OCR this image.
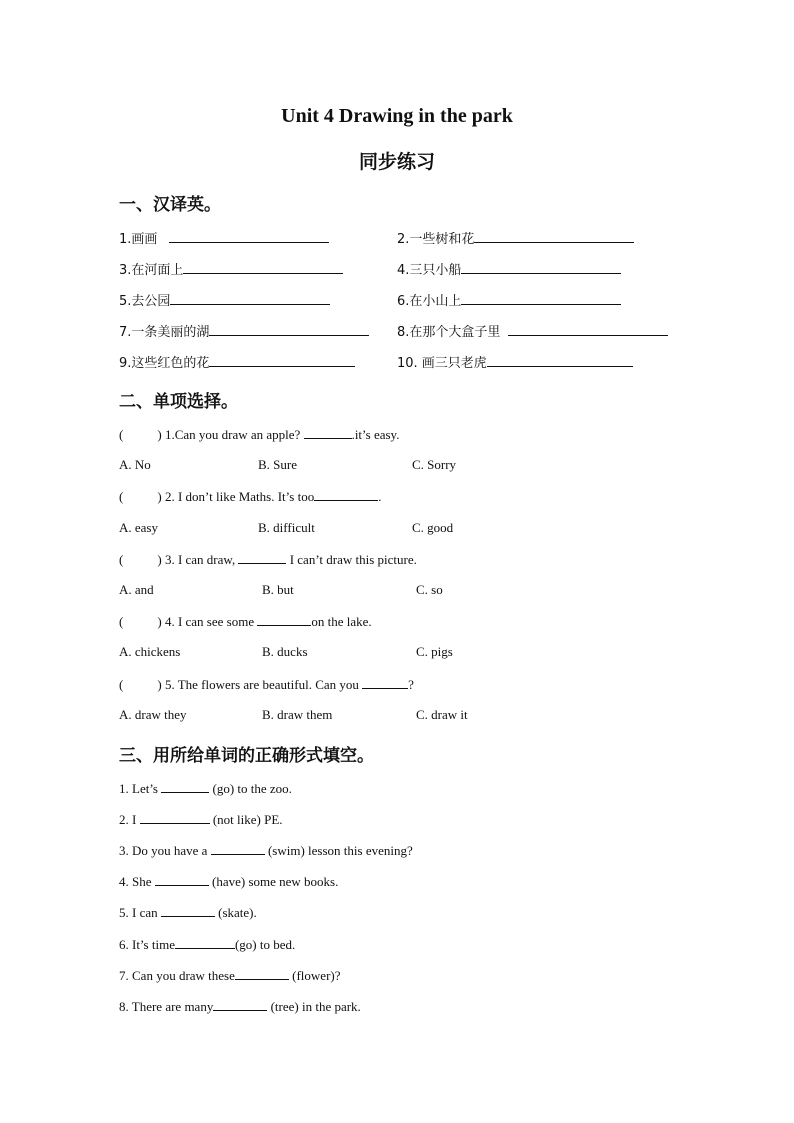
Unit 4 Drawing in the park
同步练习
一、汉译英。
1.画画	2.一些树和花
3.在河面上	4.三只小船
5.去公园	6.在小山上
7.一条美丽的湖	8.在那个大盒子里
9.这些红色的花	10. 画三只老虎
二、单项选择。
(	) 1.Can you draw an apple?	.it’s easy.
A. No	B. Sure	C. Sorry
(	) 2. I don’t like Maths. It’s too	.
A. easy	B. difficult	C. good
(	) 3. I can draw,	I can’t draw this picture.
A. and	B. but	C. so
(	) 4. I can see some	on the lake.
A. chickens	B. ducks	C. pigs
(	) 5. The flowers are beautiful. Can you	?
A. draw they	B. draw them	C. draw it
三、用所给单词的正确形式填空。
1. Let’s	(go) to the zoo.
2. I	(not like) PE.
3. Do you have a	(swim) lesson this evening?
4. She	(have) some new books.
5. I can	(skate).
6. It’s time	(go) to bed.
7. Can you draw these	(flower)?
8. There are many	(tree) in the park.
